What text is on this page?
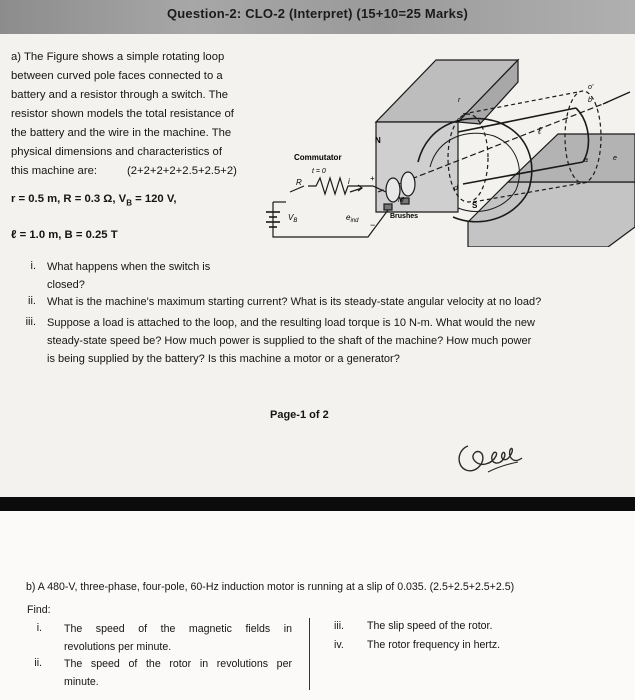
Question-2: CLO-2 (Interpret) (15+10=25 Marks)
a) The Figure shows a simple rotating loop
between curved pole faces connected to a
battery and a resistor through a switch. The
resistor shown models the total resistance of
the battery and the wire in the machine. The
physical dimensions and characteristics of
this machine are:	(2+2+2+2+2.5+2.5+2)
r = 0.5 m, R = 0.3 Ω, $V_B = 120$ V,
ℓ = 1.0 m, B = 0.25 T
Commutator
Brushes
N
S
t = 0
$V_B$
R	+
−
i
$e_{ind}$
ℓ
r
a
b
c
d
o'
M
e
i. What happens when the switch is
closed?
ii. What is the machine's maximum starting current? What is its steady-state angular velocity at no load?
iii. Suppose a load is attached to the loop, and the resulting load torque is 10 N-m. What would the new
steady-state speed be? How much power is supplied to the shaft of the machine? How much power
is being supplied by the battery? Is this machine a motor or a generator?
Page-1 of 2
b) A 480-V, three-phase, four-pole, 60-Hz induction motor is running at a slip of 0.035. (2.5+2.5+2.5+2.5)
Find:
i. The speed of the magnetic fields in
revolutions per minute.
ii. The speed of the rotor in revolutions per
minute.
iii. The slip speed of the rotor.
iv. The rotor frequency in hertz.
